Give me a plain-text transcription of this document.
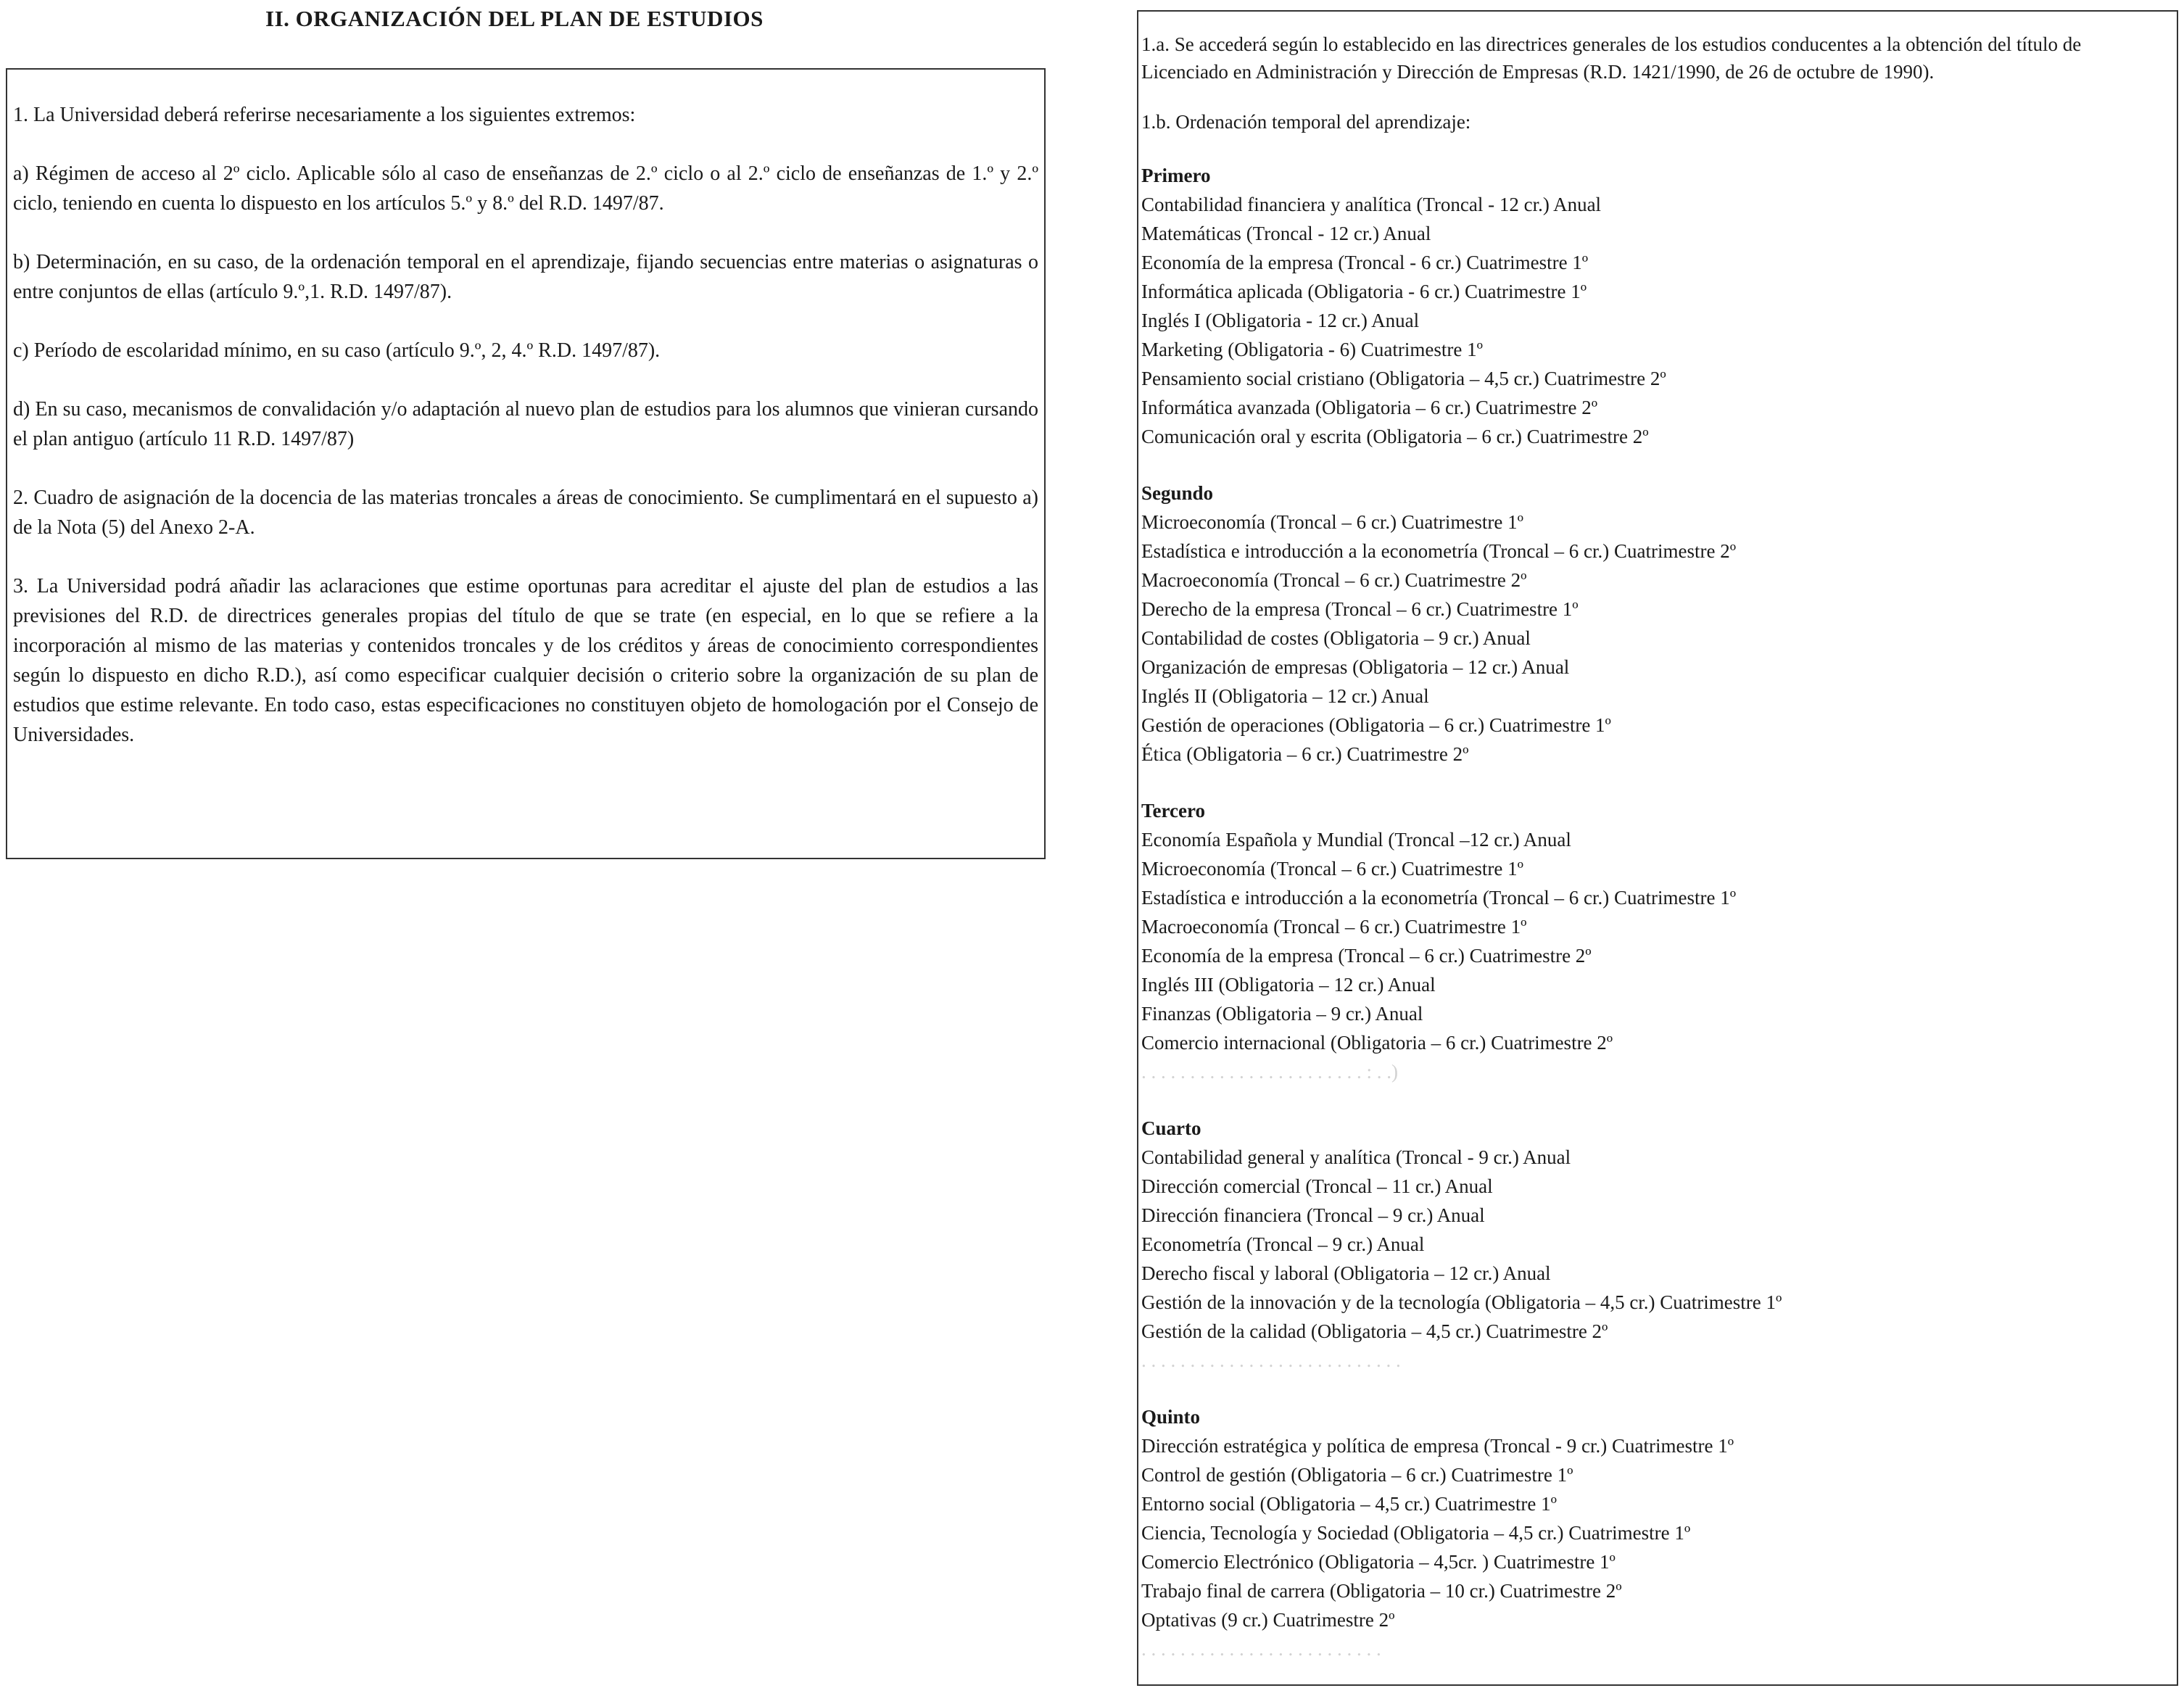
II. ORGANIZACIÓN DEL PLAN DE ESTUDIOS

1. La Universidad deberá referirse necesariamente a los siguientes extremos:

a) Régimen de acceso al 2º ciclo. Aplicable sólo al caso de enseñanzas de 2.º ciclo o al 2.º ciclo de enseñanzas de 1.º y 2.º ciclo, teniendo en cuenta lo dispuesto en los artículos 5.º y 8.º del R.D. 1497/87.

b) Determinación, en su caso, de la ordenación temporal en el aprendizaje, fijando secuencias entre materias o asignaturas o entre conjuntos de ellas (artículo 9.º,1. R.D. 1497/87).

c) Período de escolaridad mínimo, en su caso (artículo 9.º, 2, 4.º R.D. 1497/87).

d) En su caso, mecanismos de convalidación y/o adaptación al nuevo plan de estudios para los alumnos que vinieran cursando el plan antiguo (artículo 11 R.D. 1497/87)

2. Cuadro de asignación de la docencia de las materias troncales a áreas de conocimiento. Se cumplimentará en el supuesto a) de la Nota (5) del Anexo 2-A.

3. La Universidad podrá añadir las aclaraciones que estime oportunas para acreditar el ajuste del plan de estudios a las previsiones del R.D. de directrices generales propias del título de que se trate (en especial, en lo que se refiere a la incorporación al mismo de las materias y contenidos troncales y de los créditos y áreas de conocimiento correspondientes según lo dispuesto en dicho R.D.), así como especificar cualquier decisión o criterio sobre la organización de su plan de estudios que estime relevante. En todo caso, estas especificaciones no constituyen objeto de homologación por el Consejo de Universidades.

1.a. Se accederá según lo establecido en las directrices generales de los estudios conducentes a la obtención del título de Licenciado en Administración y Dirección de Empresas (R.D. 1421/1990, de 26 de octubre de 1990).

1.b. Ordenación temporal del aprendizaje:

Primero
Contabilidad financiera y analítica (Troncal - 12 cr.) Anual
Matemáticas (Troncal - 12 cr.) Anual
Economía de la empresa (Troncal - 6 cr.) Cuatrimestre 1º
Informática aplicada (Obligatoria - 6 cr.) Cuatrimestre 1º
Inglés I (Obligatoria - 12 cr.) Anual
Marketing (Obligatoria - 6) Cuatrimestre 1º
Pensamiento social cristiano (Obligatoria – 4,5 cr.) Cuatrimestre 2º
Informática avanzada (Obligatoria – 6 cr.) Cuatrimestre 2º
Comunicación oral y escrita (Obligatoria – 6 cr.) Cuatrimestre 2º
Segundo
Microeconomía (Troncal – 6 cr.) Cuatrimestre 1º
Estadística e introducción a la econometría (Troncal – 6 cr.) Cuatrimestre 2º
Macroeconomía (Troncal – 6 cr.) Cuatrimestre 2º
Derecho de la empresa (Troncal – 6 cr.) Cuatrimestre 1º
Contabilidad de costes (Obligatoria – 9 cr.) Anual
Organización de empresas (Obligatoria – 12 cr.) Anual
Inglés II (Obligatoria – 12 cr.) Anual
Gestión de operaciones (Obligatoria – 6 cr.) Cuatrimestre 1º
Ética (Obligatoria – 6 cr.) Cuatrimestre 2º
Tercero
Economía Española y Mundial (Troncal –12 cr.) Anual
Microeconomía (Troncal – 6 cr.) Cuatrimestre 1º
Estadística e introducción a la econometría (Troncal – 6 cr.) Cuatrimestre 1º
Macroeconomía (Troncal – 6 cr.) Cuatrimestre 1º
Economía de la empresa (Troncal – 6 cr.) Cuatrimestre 2º
Inglés III (Obligatoria – 12 cr.) Anual
Finanzas (Obligatoria – 9 cr.) Anual
Comercio internacional (Obligatoria – 6 cr.) Cuatrimestre 2º
. . . . . . . . . . . . . . . . . . . . . . . : . .)
Cuarto
Contabilidad general y analítica (Troncal - 9 cr.) Anual
Dirección comercial (Troncal – 11 cr.) Anual
Dirección financiera (Troncal – 9 cr.) Anual
Econometría (Troncal – 9 cr.) Anual
Derecho fiscal y laboral (Obligatoria – 12 cr.) Anual
Gestión de la innovación y de la tecnología (Obligatoria – 4,5 cr.) Cuatrimestre 1º
Gestión de la calidad (Obligatoria – 4,5 cr.) Cuatrimestre 2º
. . . . . . . . . . . . . . . . . . . . . . . . . . .
Quinto
Dirección estratégica y política de empresa (Troncal - 9 cr.) Cuatrimestre 1º
Control de gestión (Obligatoria – 6 cr.) Cuatrimestre 1º
Entorno social (Obligatoria – 4,5 cr.) Cuatrimestre 1º
Ciencia, Tecnología y Sociedad (Obligatoria – 4,5 cr.) Cuatrimestre 1º
Comercio Electrónico (Obligatoria – 4,5cr. ) Cuatrimestre 1º
Trabajo final de carrera (Obligatoria – 10 cr.) Cuatrimestre 2º
Optativas (9 cr.) Cuatrimestre 2º
. . . . . . . . . . . . . . . . . . . . . . . . .
